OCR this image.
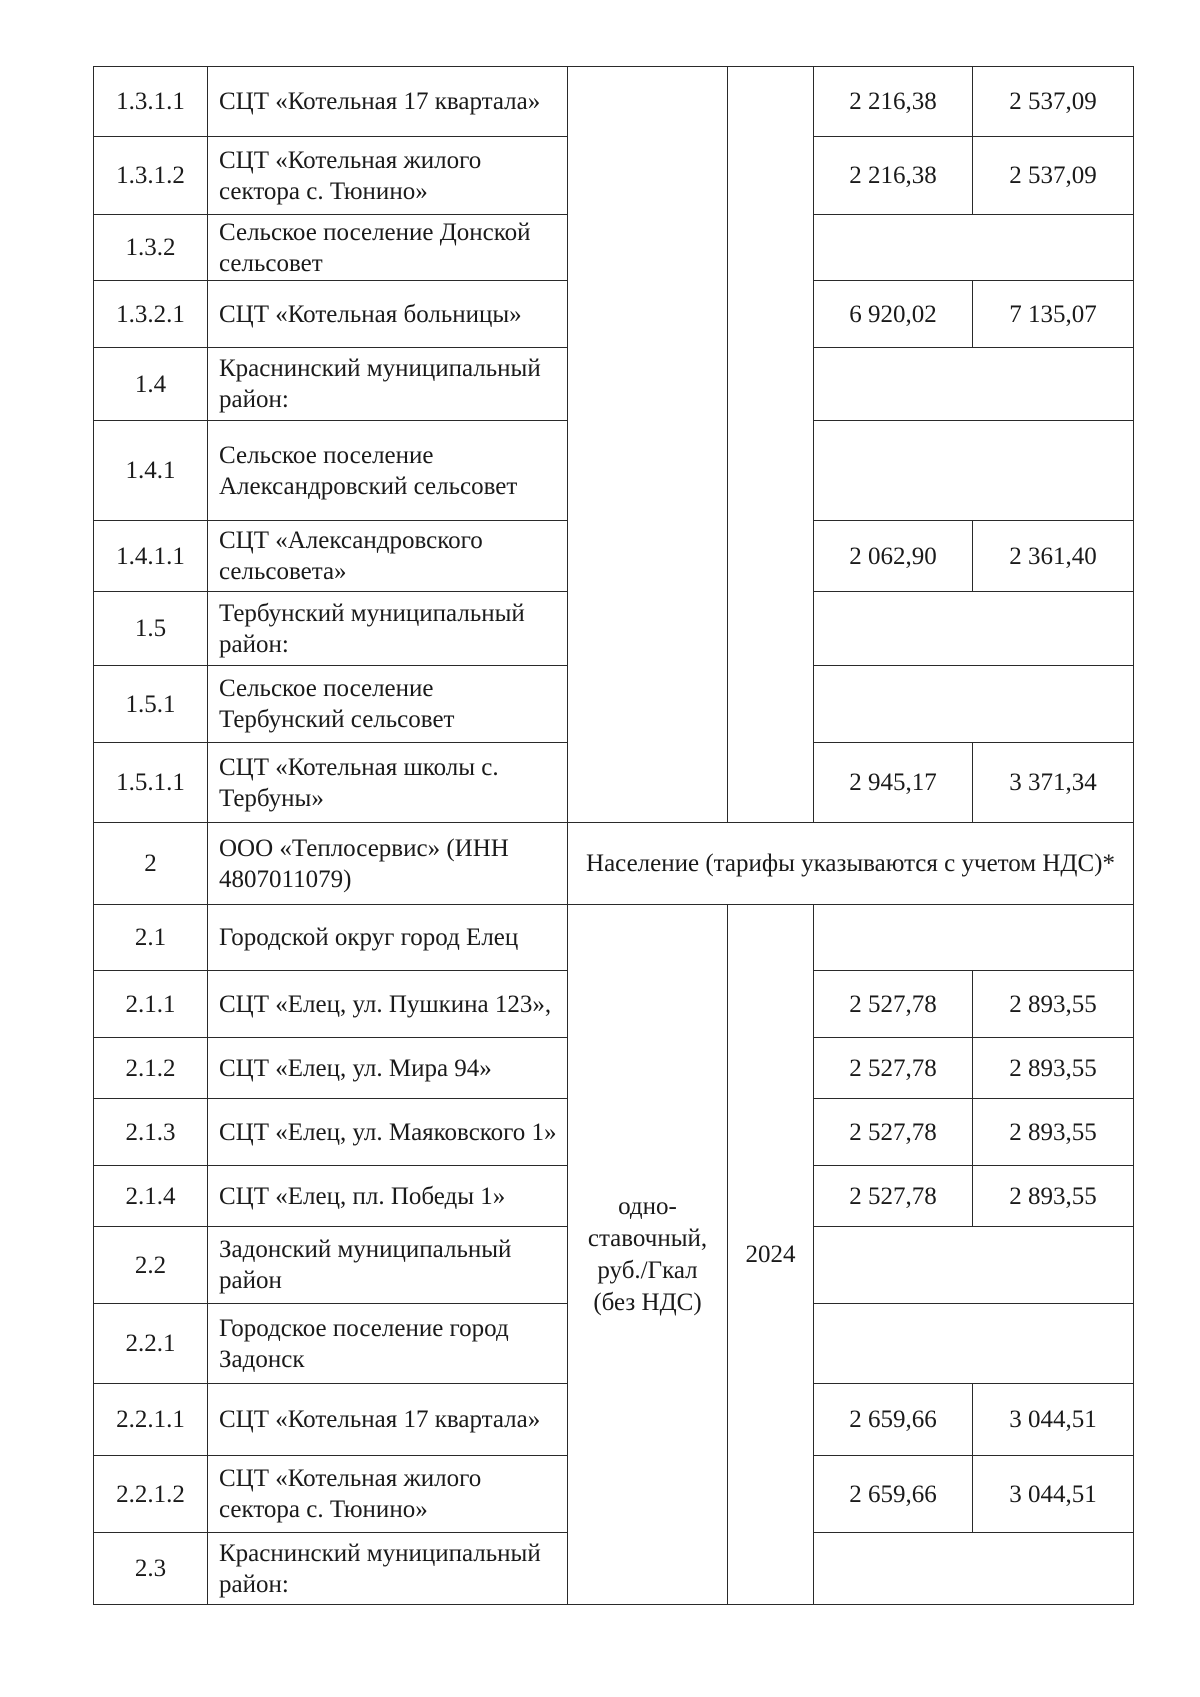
1.3.1.1	СЦТ «Котельная 17 квартала»			2 216,38	2 537,09
1.3.1.2	СЦТ «Котельная жилого сектора с. Тюнино»			2 216,38	2 537,09
1.3.2	Сельское поселение Донской сельсовет				
1.3.2.1	СЦТ «Котельная больницы»			6 920,02	7 135,07
1.4	Краснинский муниципальный район:				
1.4.1	Сельское поселение Александровский сельсовет				
1.4.1.1	СЦТ «Александровского сельсовета»			2 062,90	2 361,40
1.5	Тербунский муниципальный район:				
1.5.1	Сельское поселение Тербунский сельсовет				
1.5.1.1	СЦТ «Котельная школы с. Тербуны»			2 945,17	3 371,34
2	ООО «Теплосервис» (ИНН 4807011079)	Население (тарифы указываются с учетом НДС)*			
2.1	Городской округ город Елец	одно-ставочный, руб./Гкал (без НДС)	2024		
2.1.1	СЦТ «Елец, ул. Пушкина 123»,			2 527,78	2 893,55
2.1.2	СЦТ «Елец, ул. Мира 94»			2 527,78	2 893,55
2.1.3	СЦТ «Елец, ул. Маяковского 1»			2 527,78	2 893,55
2.1.4	СЦТ «Елец, пл. Победы 1»			2 527,78	2 893,55
2.2	Задонский муниципальный район				
2.2.1	Городское поселение город Задонск				
2.2.1.1	СЦТ «Котельная 17 квартала»			2 659,66	3 044,51
2.2.1.2	СЦТ «Котельная жилого сектора с. Тюнино»			2 659,66	3 044,51
2.3	Краснинский муниципальный район:				
